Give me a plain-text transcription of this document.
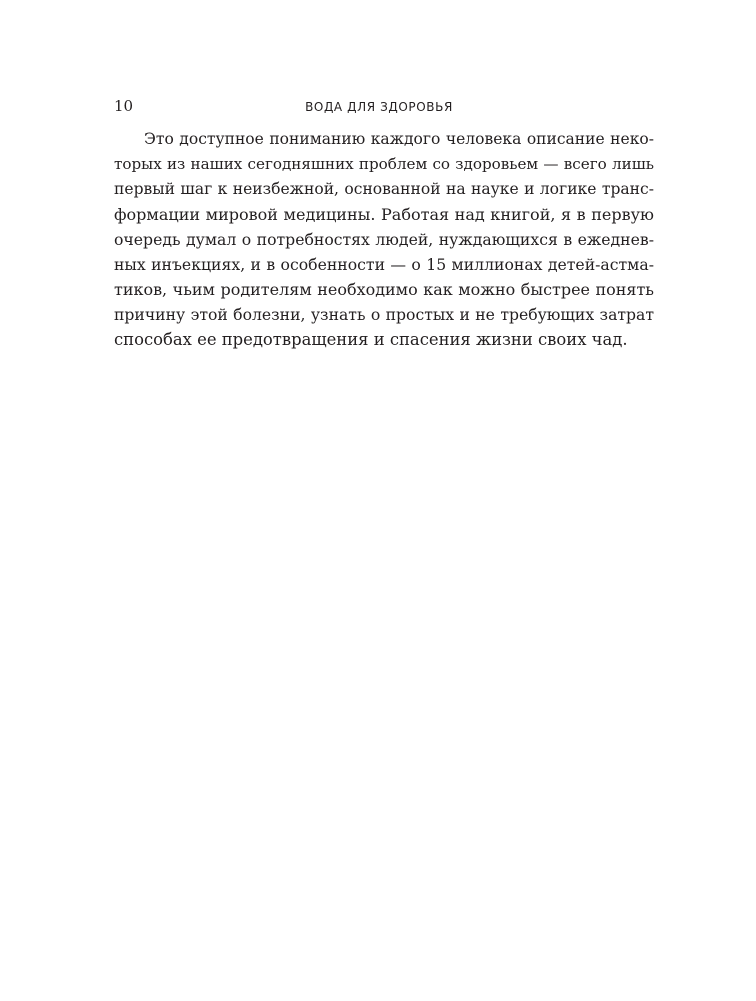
10	ВОДА ДЛЯ ЗДОРОВЬЯ
Это доступное пониманию каждого человека описание неко-
торых из наших сегодняшних проблем со здоровьем — всего лишь
первый шаг к неизбежной, основанной на науке и логике транс-
формации мировой медицины. Работая над книгой, я в первую
очередь думал о потребностях людей, нуждающихся в ежеднев-
ных инъекциях, и в особенности — о 15 миллионах детей-астма-
тиков, чьим родителям необходимо как можно быстрее понять
причину этой болезни, узнать о простых и не требующих затрат
способах ее предотвращения и спасения жизни своих чад.
